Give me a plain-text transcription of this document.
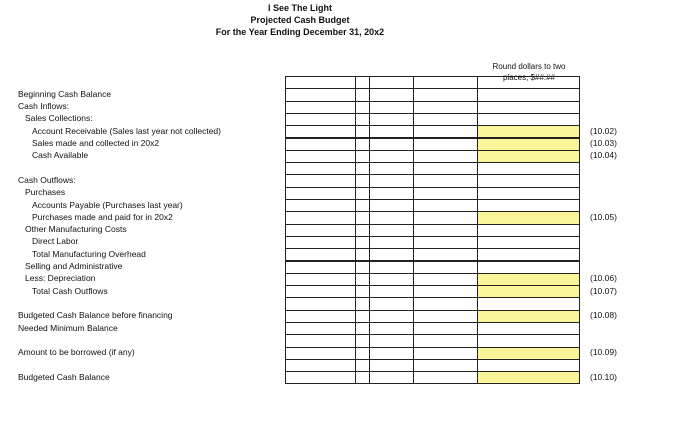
I See The Light
Projected Cash Budget
For the Year Ending December 31, 20x2
Round dollars to two
places, $##.##
Beginning Cash Balance
Cash Inflows:
Sales Collections:
Account Receivable (Sales last year not collected)
Sales made and collected in 20x2
Cash Available
Cash Outflows:
Purchases
Accounts Payable (Purchases last year)
Purchases made and paid for in 20x2
Other Manufacturing Costs
Direct Labor
Total Manufacturing Overhead
Selling and Administrative
Less: Depreciation
Total Cash Outflows
Budgeted Cash Balance before financing
Needed Minimum Balance
Amount to be borrowed (if any)
Budgeted Cash Balance
(10.02)
(10.03)
(10.04)
(10.05)
(10.06)
(10.07)
(10.08)
(10.09)
(10.10)
